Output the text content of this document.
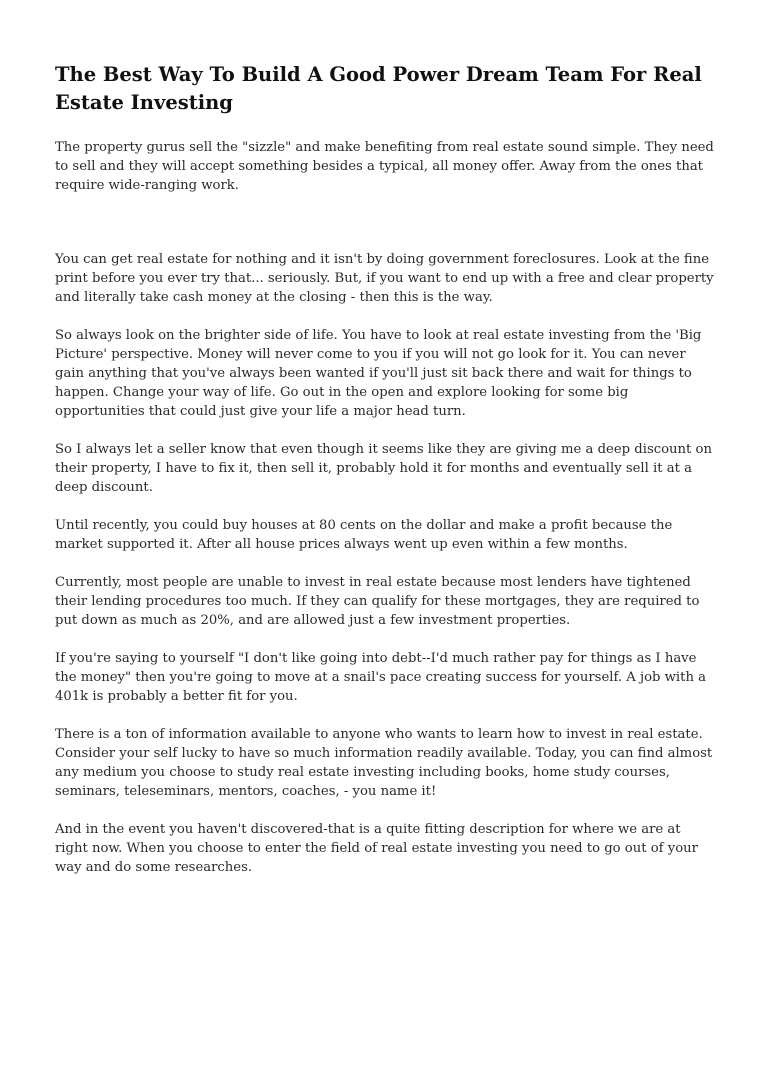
The Best Way To Build A Good Power Dream Team For Real Estate Investing

The property gurus sell the "sizzle" and make benefiting from real estate sound simple. They need to sell and they will accept something besides a typical, all money offer. Away from the ones that require wide-ranging work.

You can get real estate for nothing and it isn't by doing government foreclosures. Look at the fine print before you ever try that... seriously. But, if you want to end up with a free and clear property and literally take cash money at the closing - then this is the way.

So always look on the brighter side of life. You have to look at real estate investing from the 'Big Picture' perspective. Money will never come to you if you will not go look for it. You can never gain anything that you've always been wanted if you'll just sit back there and wait for things to happen. Change your way of life. Go out in the open and explore looking for some big opportunities that could just give your life a major head turn.

So I always let a seller know that even though it seems like they are giving me a deep discount on their property, I have to fix it, then sell it, probably hold it for months and eventually sell it at a deep discount.

Until recently, you could buy houses at 80 cents on the dollar and make a profit because the market supported it. After all house prices always went up even within a few months.

Currently, most people are unable to invest in real estate because most lenders have tightened their lending procedures too much. If they can qualify for these mortgages, they are required to put down as much as 20%, and are allowed just a few investment properties.

If you're saying to yourself "I don't like going into debt--I'd much rather pay for things as I have the money" then you're going to move at a snail's pace creating success for yourself. A job with a 401k is probably a better fit for you.

There is a ton of information available to anyone who wants to learn how to invest in real estate. Consider your self lucky to have so much information readily available. Today, you can find almost any medium you choose to study real estate investing including books, home study courses, seminars, teleseminars, mentors, coaches, - you name it!

And in the event you haven't discovered-that is a quite fitting description for where we are at right now. When you choose to enter the field of real estate investing you need to go out of your way and do some researches.
